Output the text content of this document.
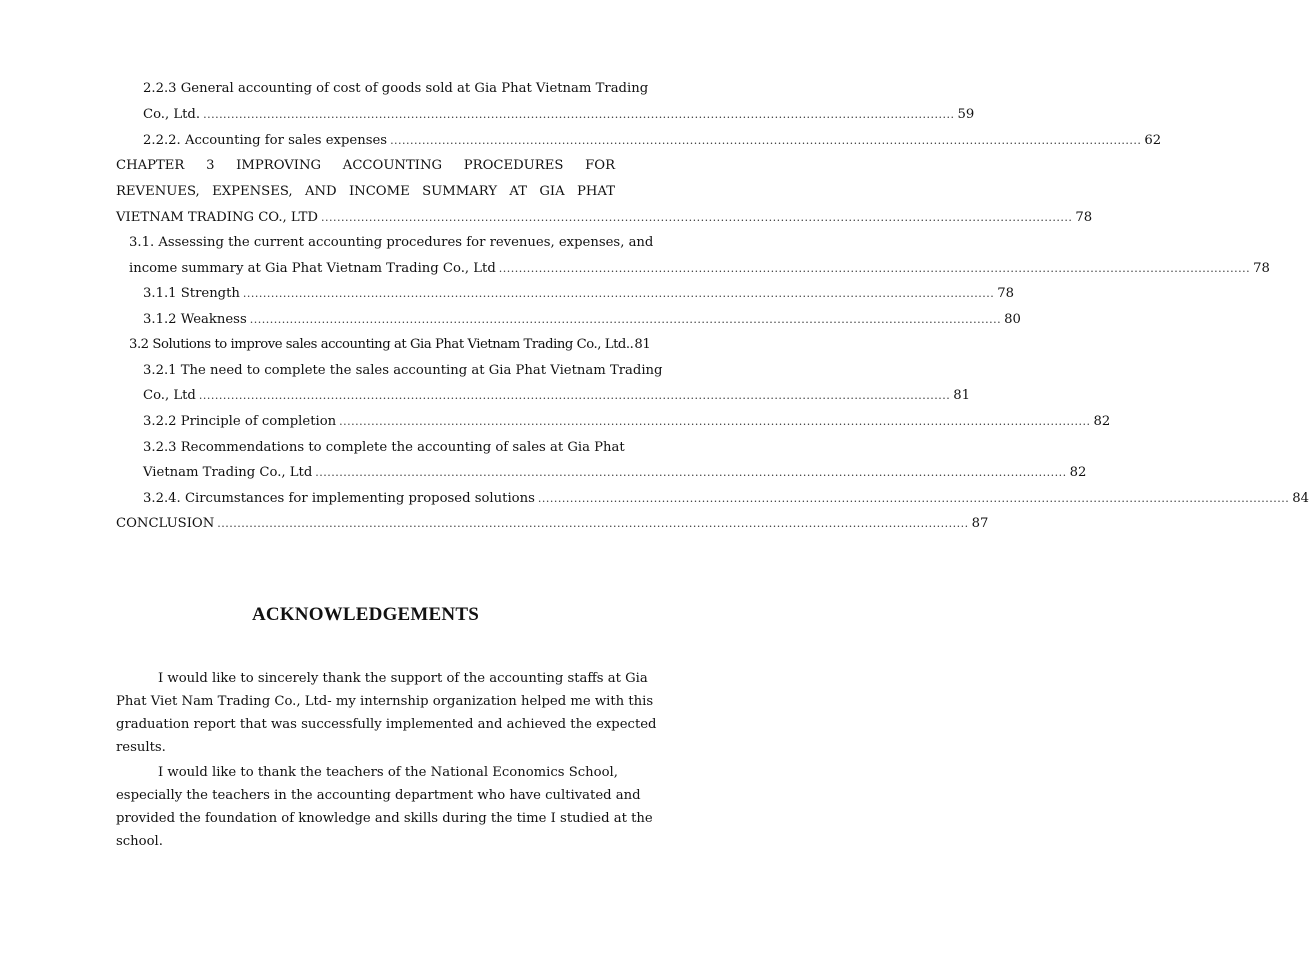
2.2.3 General accounting of cost of goods sold at Gia Phat Vietnam Trading
Co., Ltd. ............................................................................................................................................................................................ 59
2.2.2. Accounting for sales expenses ............................................................................................................................................................................................ 62
CHAPTER 3 IMPROVING ACCOUNTING PROCEDURES FOR
REVENUES, EXPENSES, AND INCOME SUMMARY AT GIA PHAT
VIETNAM TRADING CO., LTD ............................................................................................................................................................................................ 78
3.1. Assessing the current accounting procedures for revenues, expenses, and
income summary at Gia Phat Vietnam Trading Co., Ltd ............................................................................................................................................................................................ 78
3.1.1 Strength ............................................................................................................................................................................................ 78
3.1.2 Weakness ............................................................................................................................................................................................ 80
3.2 Solutions to improve sales accounting at Gia Phat Vietnam Trading Co., Ltd.. 81
3.2.1 The need to complete the sales accounting at Gia Phat Vietnam Trading
Co., Ltd ............................................................................................................................................................................................ 81
3.2.2 Principle of completion ............................................................................................................................................................................................ 82
3.2.3 Recommendations to complete the accounting of sales at Gia Phat
Vietnam Trading Co., Ltd ............................................................................................................................................................................................ 82
3.2.4. Circumstances for implementing proposed solutions ............................................................................................................................................................................................ 84
CONCLUSION ............................................................................................................................................................................................ 87
ACKNOWLEDGEMENTS
I would like to sincerely thank the support of the accounting staffs at Gia
Phat Viet Nam Trading Co., Ltd- my internship organization helped me with this
graduation report that was successfully implemented and achieved the expected
results.
I would like to thank the teachers of the National Economics School,
especially the teachers in the accounting department who have cultivated and
provided the foundation of knowledge and skills during the time I studied at the
school.
